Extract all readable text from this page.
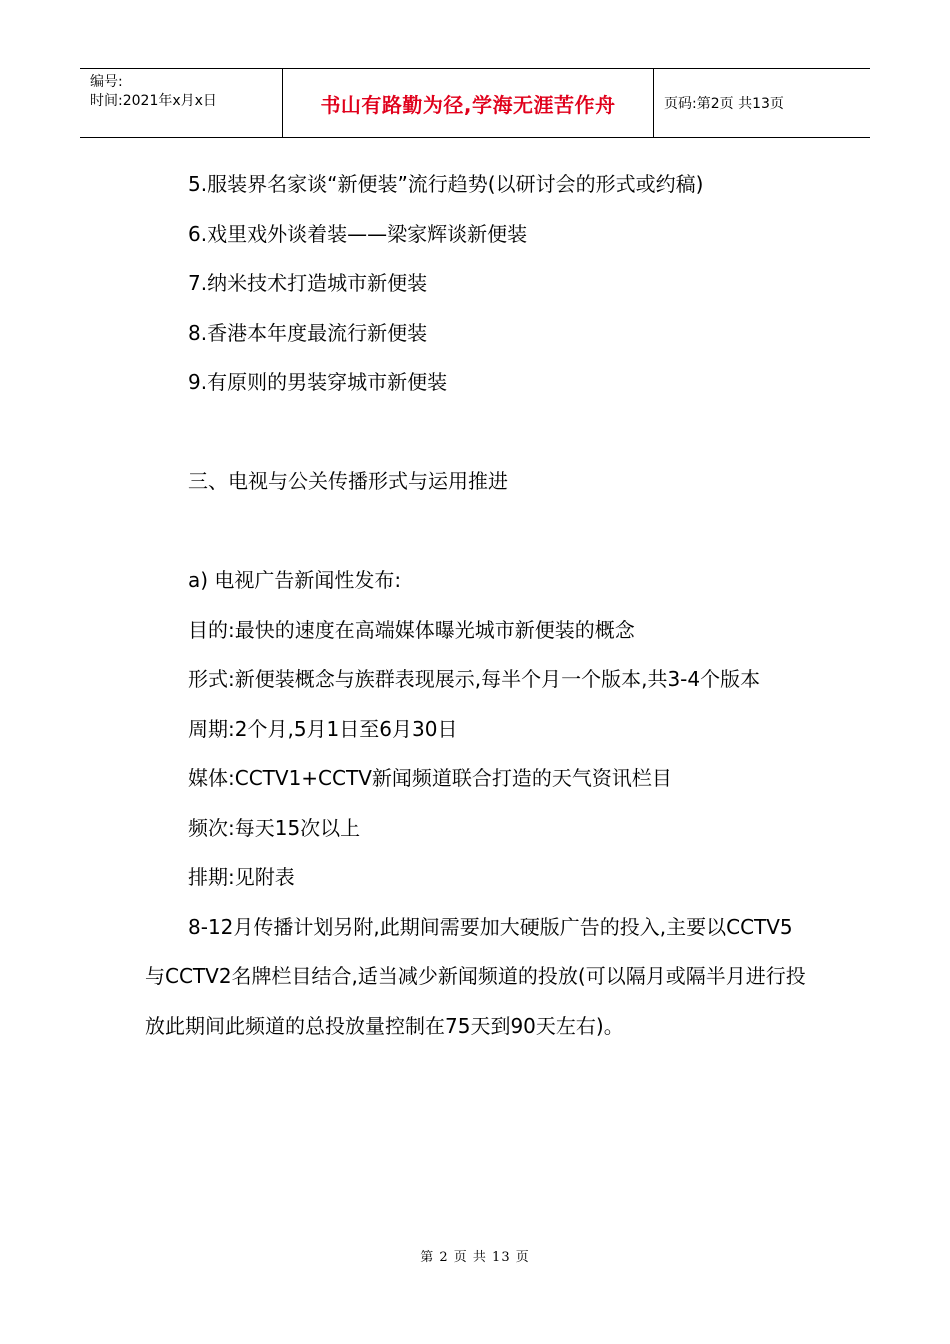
编号:
时间:2021年x月x日	书山有路勤为径,学海无涯苦作舟	页码:第2页 共13页

5.服装界名家谈“新便装”流行趋势(以研讨会的形式或约稿)

6.戏里戏外谈着装——梁家辉谈新便装

7.纳米技术打造城市新便装

8.香港本年度最流行新便装

9.有原则的男装穿城市新便装

三、电视与公关传播形式与运用推进

a) 电视广告新闻性发布:

目的:最快的速度在高端媒体曝光城市新便装的概念

形式:新便装概念与族群表现展示,每半个月一个版本,共3-4个版本

周期:2个月,5月1日至6月30日

媒体:CCTV1+CCTV新闻频道联合打造的天气资讯栏目

频次:每天15次以上

排期:见附表

8-12月传播计划另附,此期间需要加大硬版广告的投入,主要以CCTV5与CCTV2名牌栏目结合,适当减少新闻频道的投放(可以隔月或隔半月进行投放此期间此频道的总投放量控制在75天到90天左右)。

第 2 页 共 13 页
